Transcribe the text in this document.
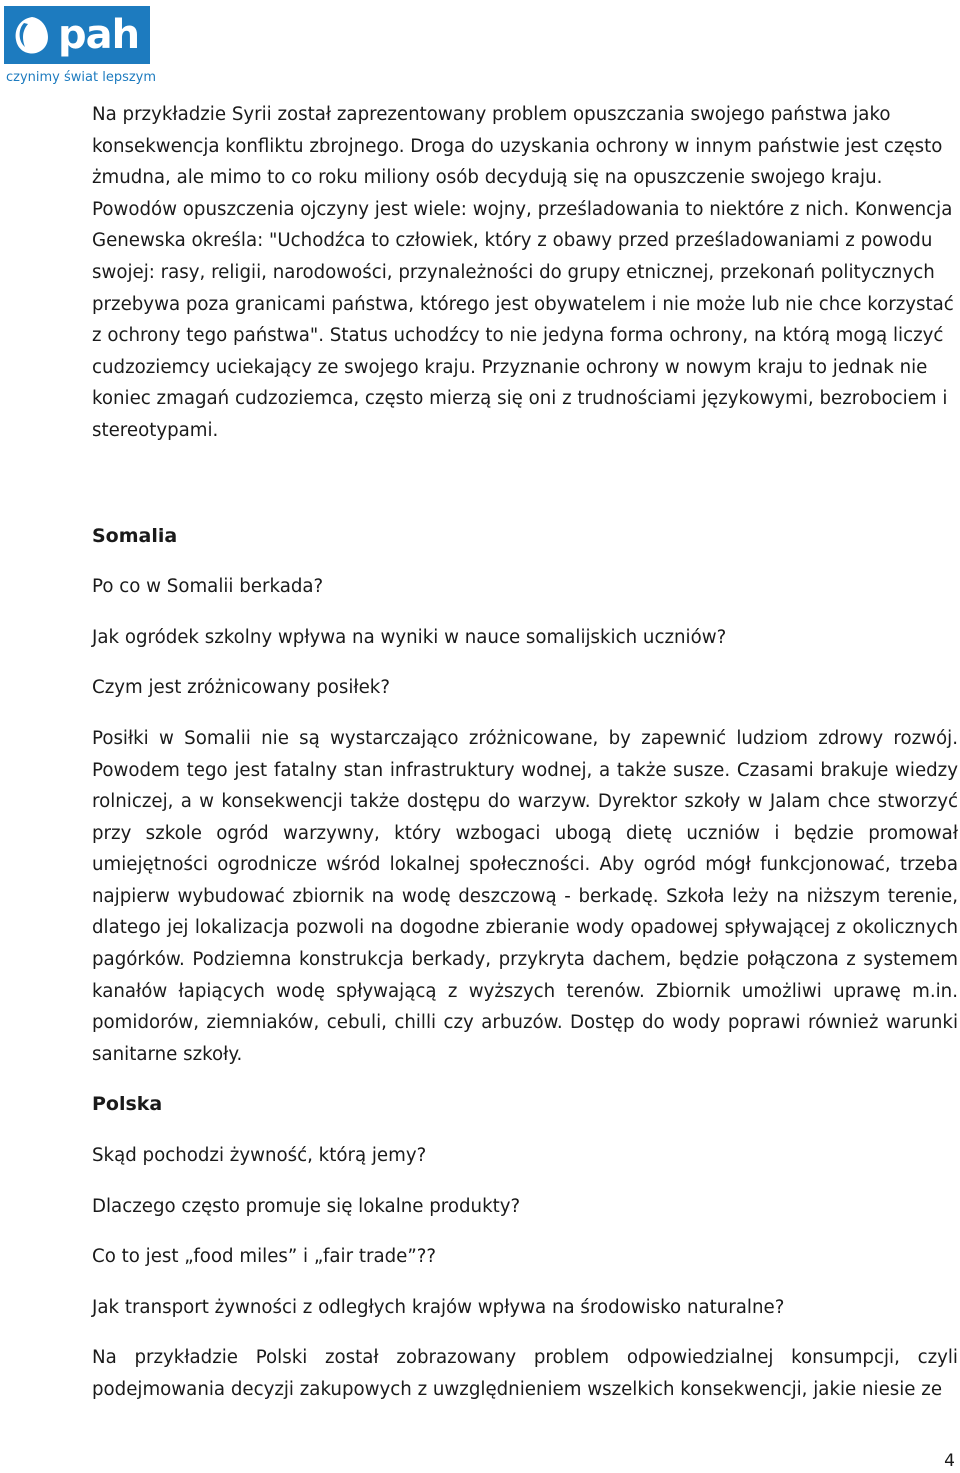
pah
czynimy świat lepszym

Na przykładzie Syrii został zaprezentowany problem opuszczania swojego państwa jako konsekwencja konfliktu zbrojnego. Droga do uzyskania ochrony w innym państwie jest często żmudna, ale mimo to co roku miliony osób decydują się na opuszczenie swojego kraju. Powodów opuszczenia ojczyny jest wiele: wojny, prześladowania to niektóre z nich. Konwencja Genewska określa: "Uchodźca to człowiek, który z obawy przed prześladowaniami z powodu swojej: rasy, religii, narodowości, przynależności do grupy etnicznej, przekonań politycznych przebywa poza granicami państwa, którego jest obywatelem i nie może lub nie chce korzystać z ochrony tego państwa". Status uchodźcy to nie jedyna forma ochrony, na którą mogą liczyć cudzoziemcy uciekający ze swojego kraju. Przyznanie ochrony w nowym kraju to jednak nie koniec zmagań cudzoziemca, często mierzą się oni z trudnościami językowymi, bezrobociem i stereotypami.

Somalia

Po co w Somalii berkada?

Jak ogródek szkolny wpływa na wyniki w nauce somalijskich uczniów?

Czym jest zróżnicowany posiłek?

Posiłki w Somalii nie są wystarczająco zróżnicowane, by zapewnić ludziom zdrowy rozwój. Powodem tego jest fatalny stan infrastruktury wodnej, a także susze. Czasami brakuje wiedzy rolniczej, a w konsekwencji także dostępu do warzyw. Dyrektor szkoły w Jalam chce stworzyć przy szkole ogród warzywny, który wzbogaci ubogą dietę uczniów i będzie promował umiejętności ogrodnicze wśród lokalnej społeczności. Aby ogród mógł funkcjonować, trzeba najpierw wybudować zbiornik na wodę deszczową - berkadę. Szkoła leży na niższym terenie, dlatego jej lokalizacja pozwoli na dogodne zbieranie wody opadowej spływającej z okolicznych pagórków. Podziemna konstrukcja berkady, przykryta dachem, będzie połączona z systemem kanałów łapiących wodę spływającą z wyższych terenów. Zbiornik umożliwi uprawę m.in. pomidorów, ziemniaków, cebuli, chilli czy arbuzów. Dostęp do wody poprawi również warunki sanitarne szkoły.

Polska

Skąd pochodzi żywność, którą jemy?

Dlaczego często promuje się lokalne produkty?

Co to jest „food miles” i „fair trade”??

Jak transport żywności z odległych krajów wpływa na środowisko naturalne?

Na przykładzie Polski został zobrazowany problem odpowiedzialnej konsumpcji, czyli podejmowania decyzji zakupowych z uwzględnieniem wszelkich konsekwencji, jakie niesie ze

4
